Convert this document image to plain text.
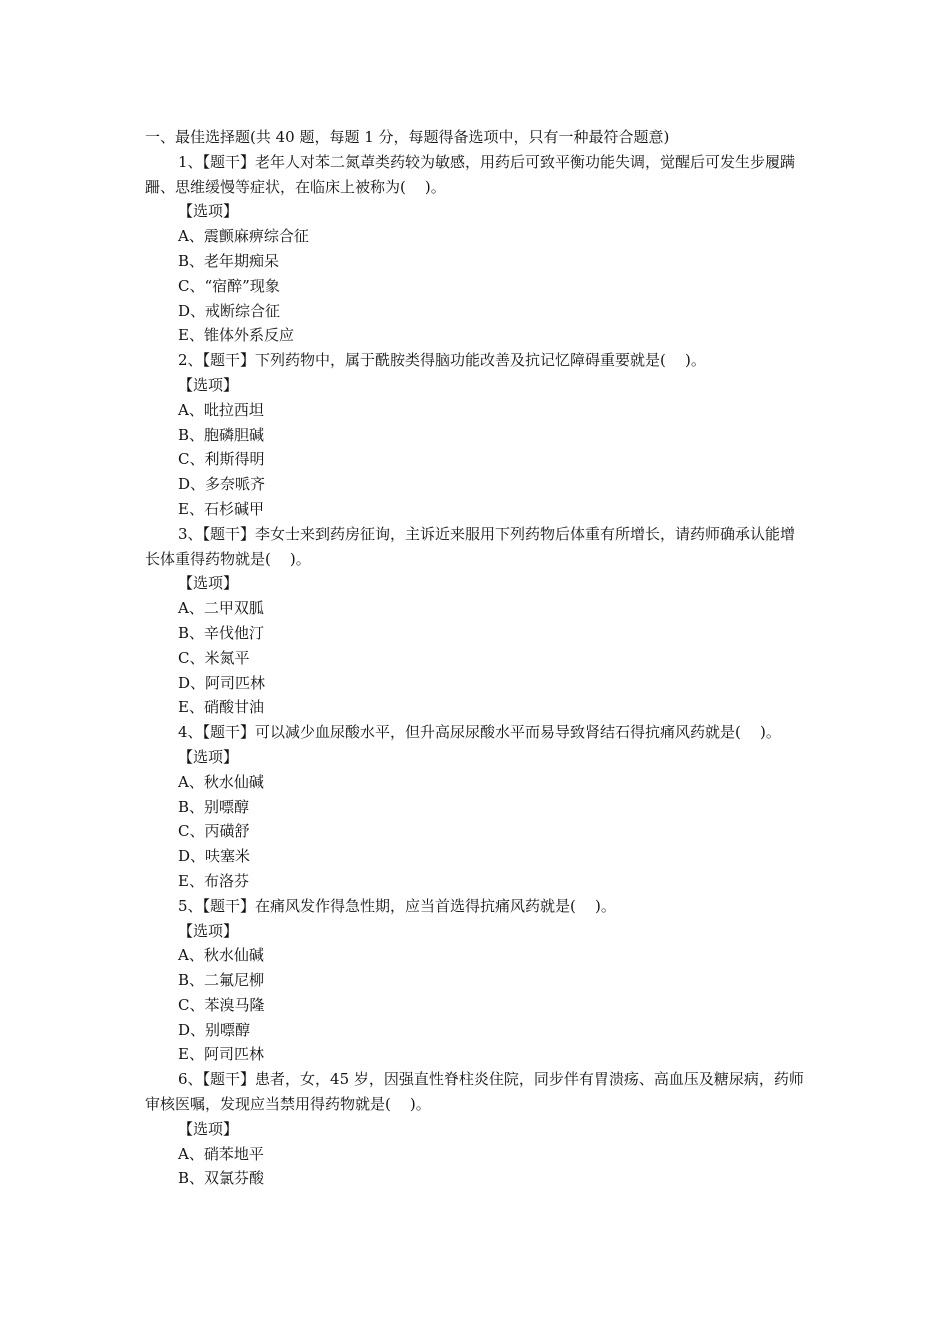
一、最佳选择题(共 40 题，每题 1 分，每题得备选项中，只有一种最符合题意)

1、【题干】老年人对苯二氮䓬类药较为敏感，用药后可致平衡功能失调，觉醒后可发生步履蹒跚、思维缓慢等症状，在临床上被称为(    )。

【选项】

A、震颤麻痹综合征

B、老年期痴呆

C、“宿醉”现象

D、戒断综合征

E、锥体外系反应

2、【题干】下列药物中，属于酰胺类得脑功能改善及抗记忆障碍重要就是(    )。

【选项】

A、吡拉西坦

B、胞磷胆碱

C、利斯得明

D、多奈哌齐

E、石杉碱甲

3、【题干】李女士来到药房征询，主诉近来服用下列药物后体重有所增长，请药师确承认能增长体重得药物就是(    )。

【选项】

A、二甲双胍

B、辛伐他汀

C、米氮平

D、阿司匹林

E、硝酸甘油

4、【题干】可以减少血尿酸水平，但升高尿尿酸水平而易导致肾结石得抗痛风药就是(    )。

【选项】

A、秋水仙碱

B、别嘌醇

C、丙磺舒

D、呋塞米

E、布洛芬

5、【题干】在痛风发作得急性期，应当首选得抗痛风药就是(    )。

【选项】

A、秋水仙碱

B、二氟尼柳

C、苯溴马隆

D、别嘌醇

E、阿司匹林

6、【题干】患者，女，45 岁，因强直性脊柱炎住院，同步伴有胃溃疡、高血压及糖尿病，药师审核医嘱，发现应当禁用得药物就是(    )。

【选项】

A、硝苯地平

B、双氯芬酸
